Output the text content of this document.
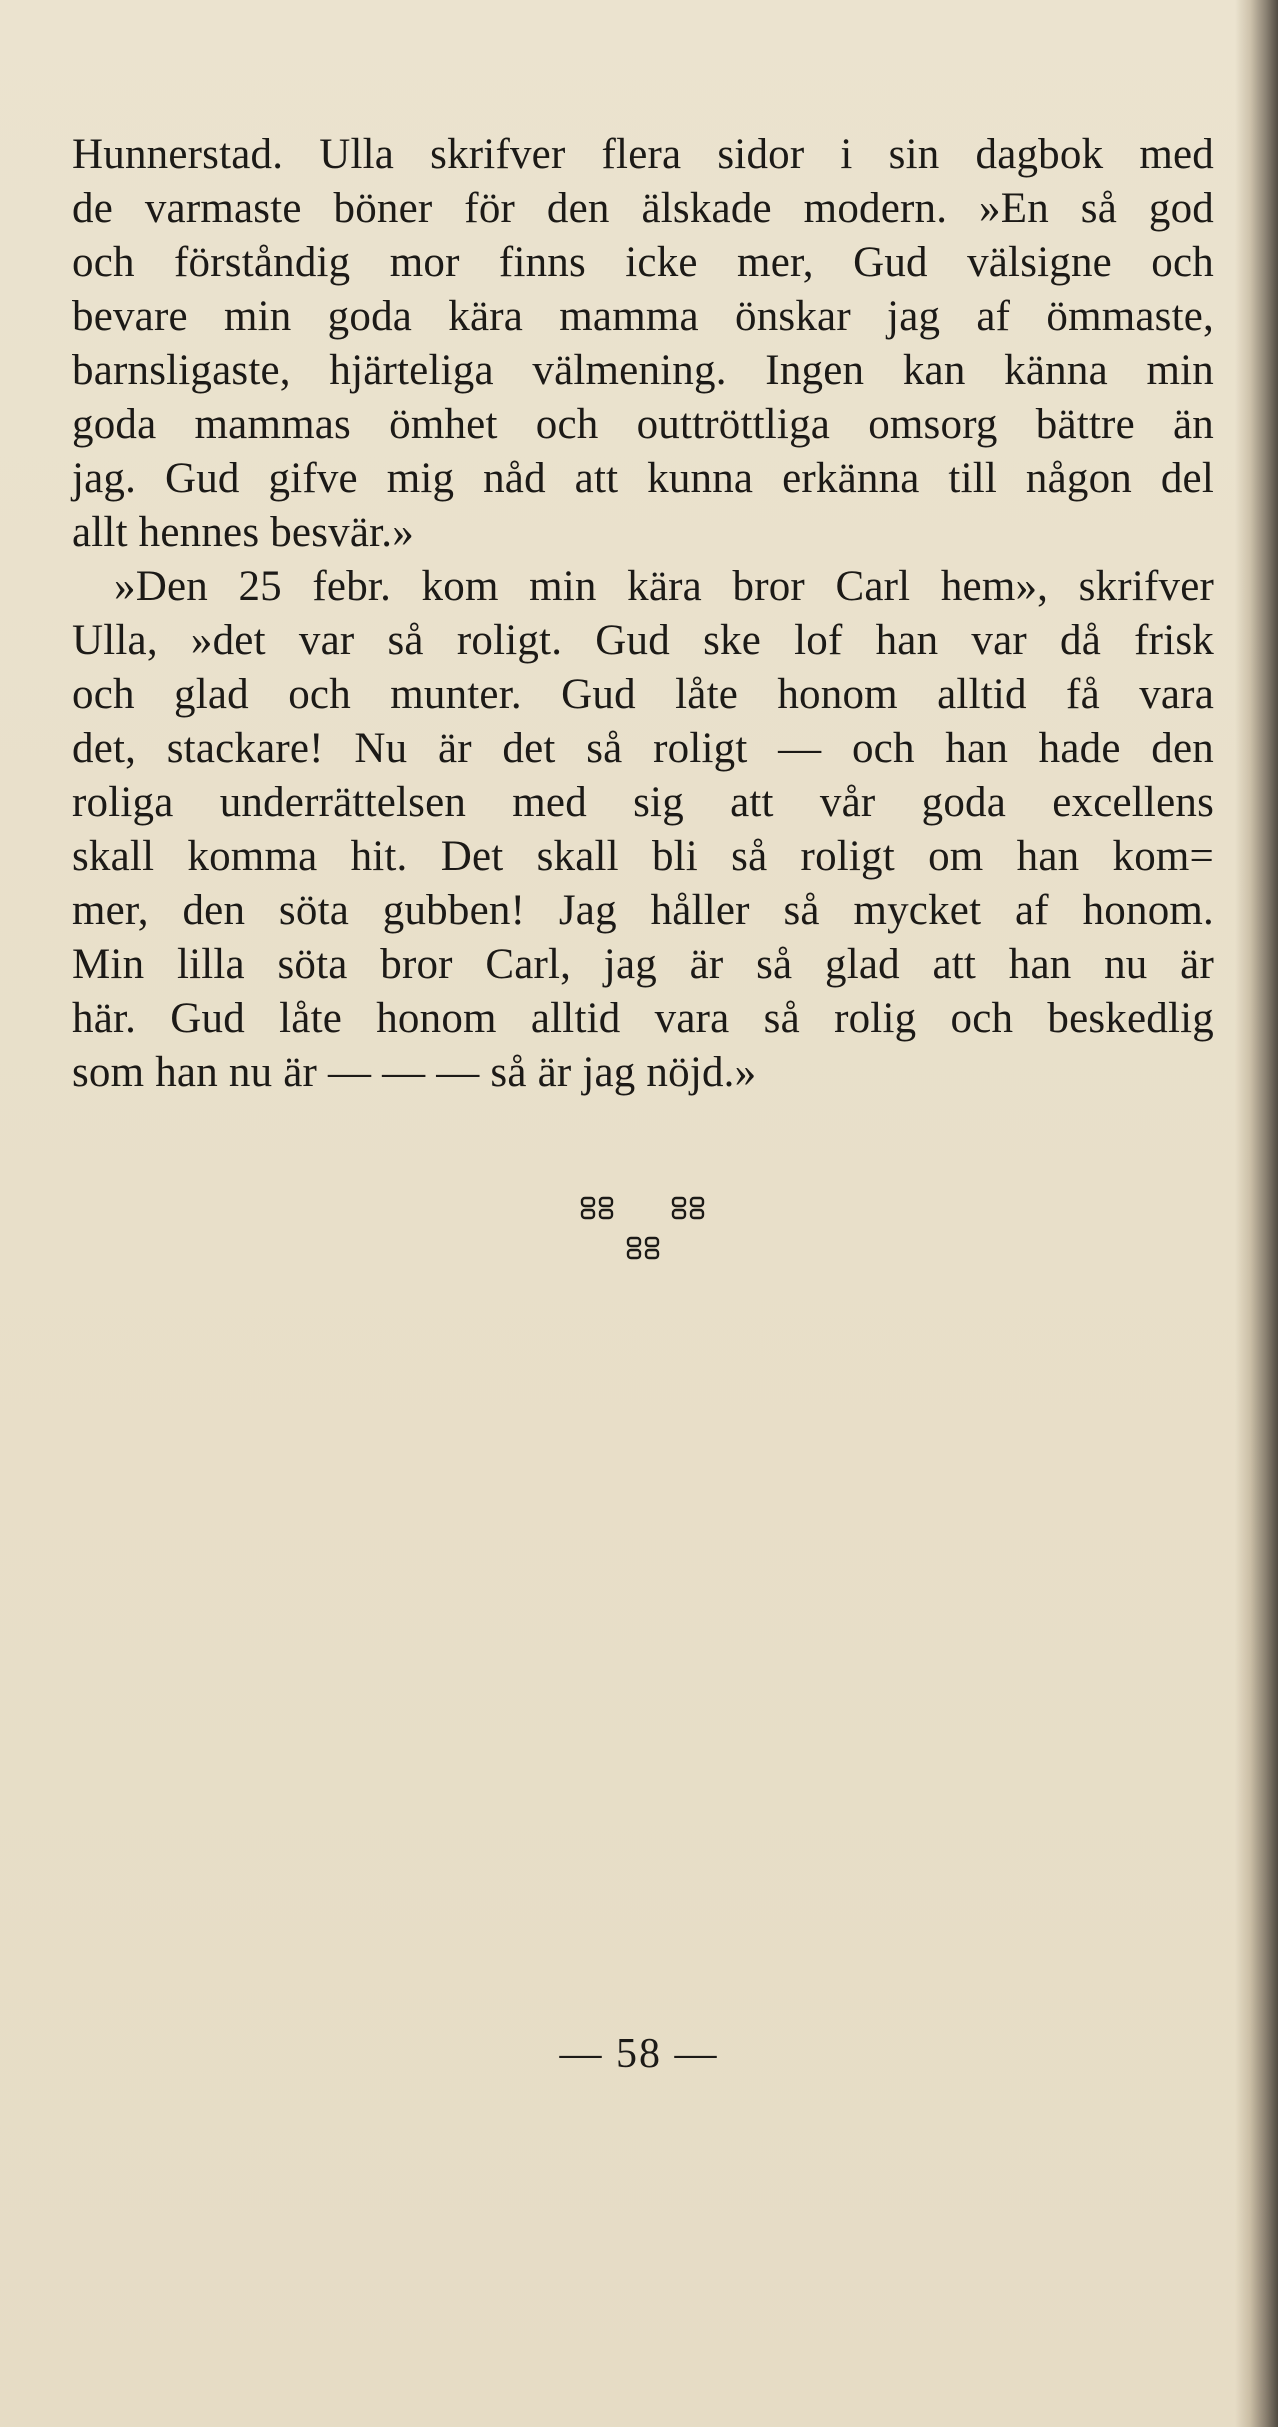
Hunnerstad. Ulla skrifver flera sidor i sin dagbok med
de varmaste böner för den älskade modern. »En så god
och förståndig mor finns icke mer, Gud välsigne och
bevare min goda kära mamma önskar jag af ömmaste,
barnsligaste, hjärteliga välmening. Ingen kan känna min
goda mammas ömhet och outtröttliga omsorg bättre än
jag. Gud gifve mig nåd att kunna erkänna till någon del
allt hennes besvär.»
»Den 25 febr. kom min kära bror Carl hem», skrifver
Ulla, »det var så roligt. Gud ske lof han var då frisk
och glad och munter. Gud låte honom alltid få vara
det, stackare! Nu är det så roligt — och han hade den
roliga underrättelsen med sig att vår goda excellens
skall komma hit. Det skall bli så roligt om han kom=
mer, den söta gubben! Jag håller så mycket af honom.
Min lilla söta bror Carl, jag är så glad att han nu är
här. Gud låte honom alltid vara så rolig och beskedlig
som han nu är — — — så är jag nöjd.»
— 58 —
